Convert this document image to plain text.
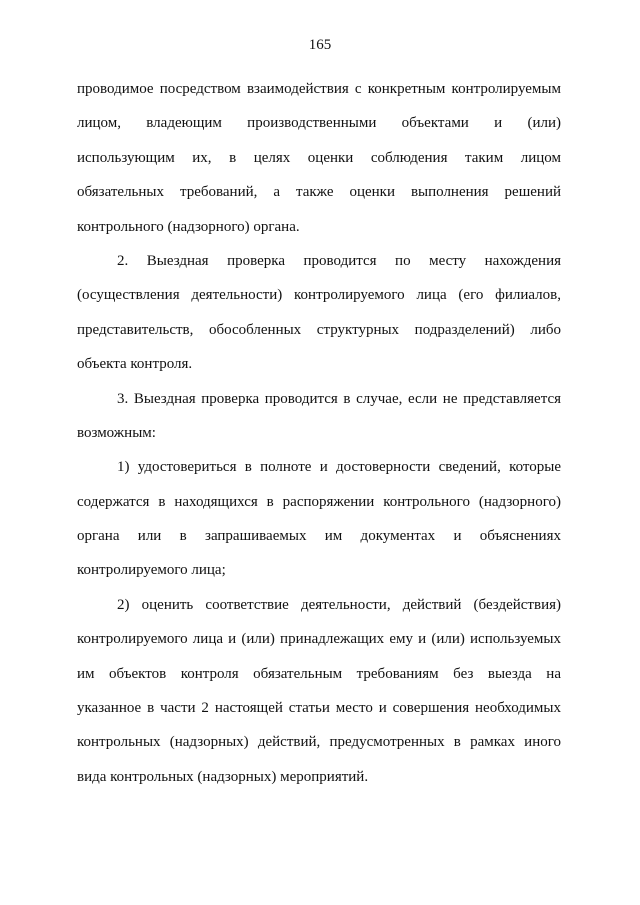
165
проводимое посредством взаимодействия с конкретным контролируемым
лицом, владеющим производственными объектами и (или)
использующим их, в целях оценки соблюдения таким лицом
обязательных требований, а также оценки выполнения решений
контрольного (надзорного) органа.
2. Выездная проверка проводится по месту нахождения
(осуществления деятельности) контролируемого лица (его филиалов,
представительств, обособленных структурных подразделений) либо
объекта контроля.
3. Выездная проверка проводится в случае, если не представляется
возможным:
1) удостовериться в полноте и достоверности сведений, которые
содержатся в находящихся в распоряжении контрольного (надзорного)
органа или в запрашиваемых им документах и объяснениях
контролируемого лица;
2) оценить соответствие деятельности, действий (бездействия)
контролируемого лица и (или) принадлежащих ему и (или) используемых
им объектов контроля обязательным требованиям без выезда на
указанное в части 2 настоящей статьи место и совершения необходимых
контрольных (надзорных) действий, предусмотренных в рамках иного
вида контрольных (надзорных) мероприятий.
